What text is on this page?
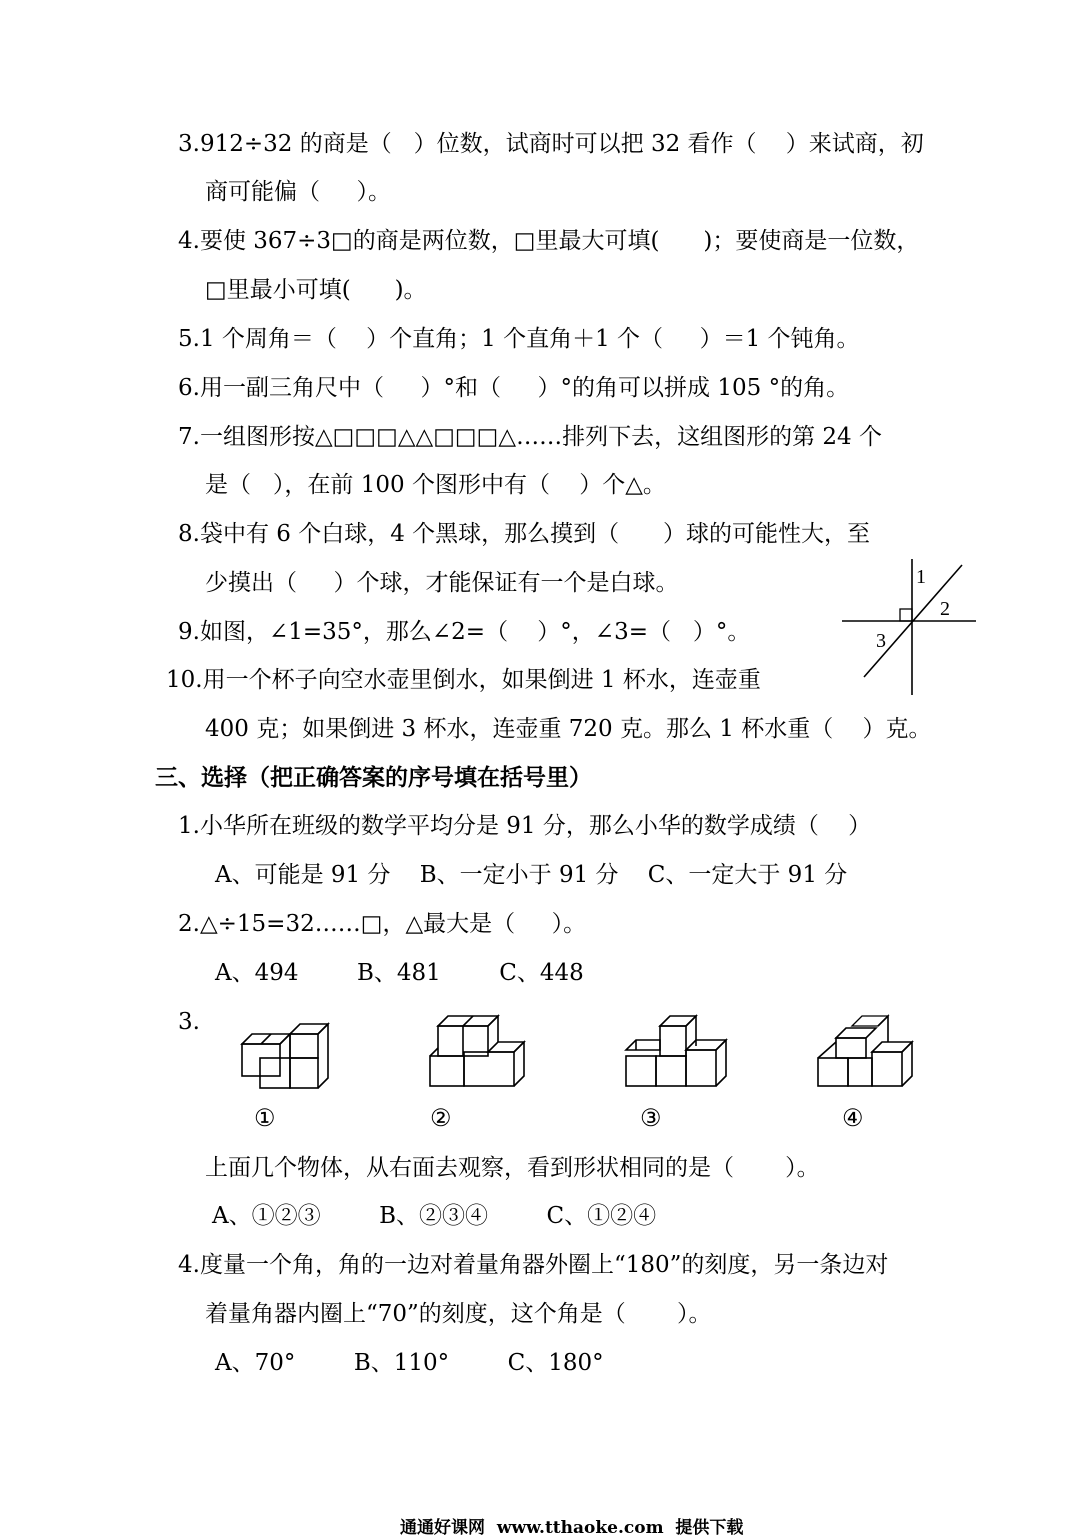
3.912÷32 的商是（   ）位数，试商时可以把 32 看作（    ）来试商，初
商可能偏（     ）。
4.要使 367÷3□的商是两位数，□里最大可填(      )；要使商是一位数，
□里最小可填(      )。
5.1 个周角＝（    ）个直角；1 个直角＋1 个（     ）＝1 个钝角。
6.用一副三角尺中（     ）°和（     ）°的角可以拼成 105 °的角。
7.一组图形按△□□□△△□□□△……排列下去，这组图形的第 24 个
是（   ），在前 100 个图形中有（    ）个△。
8.袋中有 6 个白球，4 个黑球，那么摸到（      ）球的可能性大，至
少摸出（     ）个球，才能保证有一个是白球。
9.如图，∠1=35°，那么∠2=（    ）°，∠3=（   ）°。
10.用一个杯子向空水壶里倒水，如果倒进 1 杯水，连壶重
400 克；如果倒进 3 杯水，连壶重 720 克。那么 1 杯水重（    ）克。
1
2
3
三、选择（把正确答案的序号填在括号里）
1.小华所在班级的数学平均分是 91 分，那么小华的数学成绩（    ）
A、可能是 91 分    B、一定小于 91 分    C、一定大于 91 分
2.△÷15=32……□，△最大是（     ）。
A、494        B、481        C、448
3.
①	②	③	④
上面几个物体，从右面去观察，看到形状相同的是（       ）。
A、①②③        B、②③④        C、①②④
4.度量一个角，角的一边对着量角器外圈上“180”的刻度，另一条边对
着量角器内圈上“70”的刻度，这个角是（       ）。
A、70°        B、110°        C、180°
通通好课网  www.tthaoke.com  提供下载
